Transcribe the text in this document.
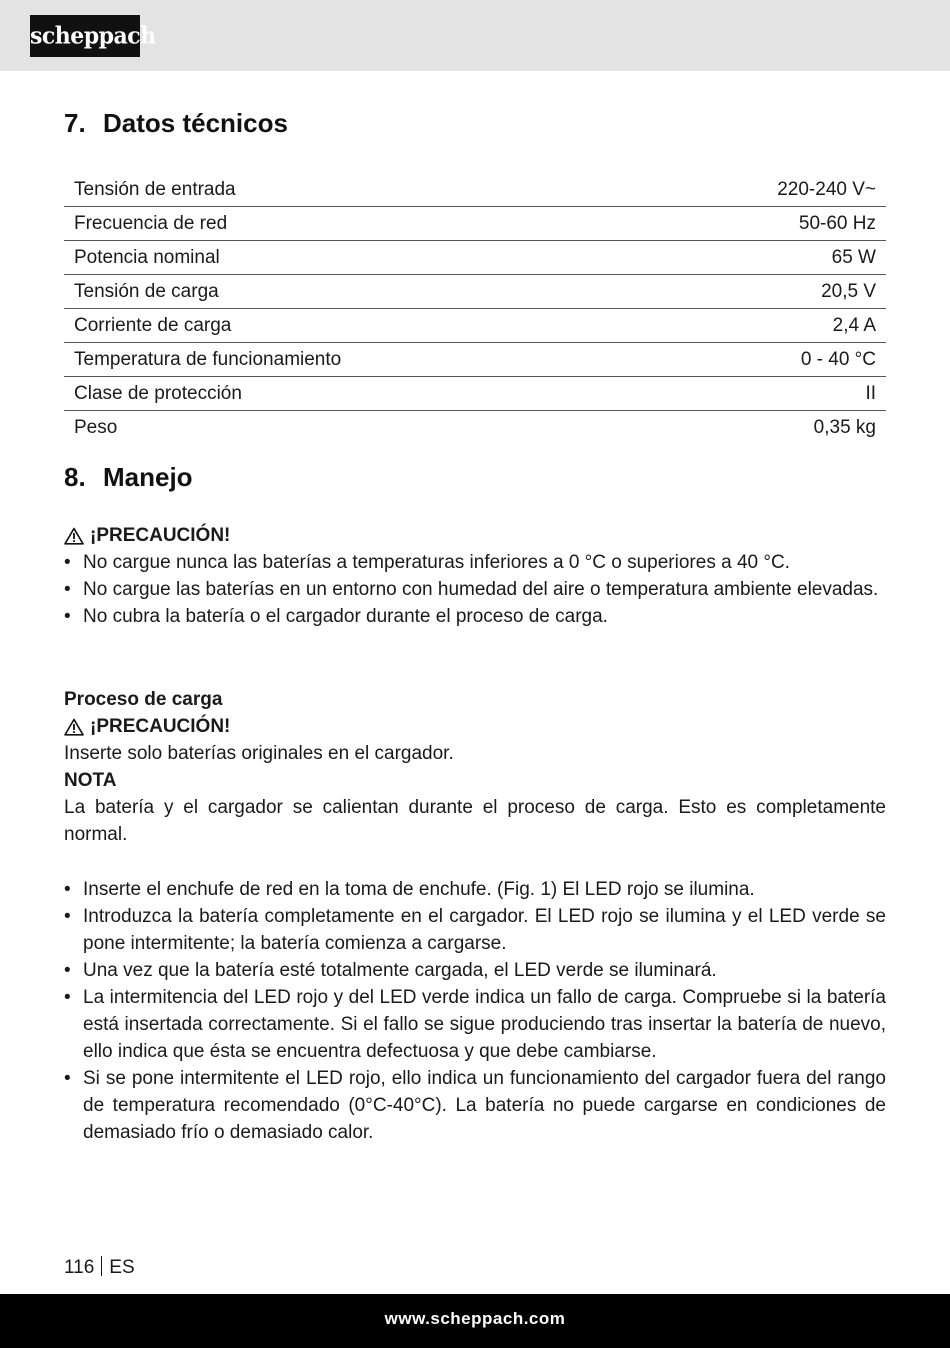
scheppach
7. Datos técnicos
Tensión de entrada	220-240 V~
Frecuencia de red	50-60 Hz
Potencia nominal	65 W
Tensión de carga	20,5 V
Corriente de carga	2,4 A
Temperatura de funcionamiento	0 - 40 °C
Clase de protección	II
Peso	0,35 kg
8. Manejo
¡PRECAUCIÓN!
• No cargue nunca las baterías a temperaturas inferiores a 0 °C o superiores a 40 °C.
• No cargue las baterías en un entorno con humedad del aire o temperatura ambiente elevadas.
• No cubra la batería o el cargador durante el proceso de carga.
Proceso de carga
¡PRECAUCIÓN!
Inserte solo baterías originales en el cargador.
NOTA
La batería y el cargador se calientan durante el proceso de carga. Esto es completamente normal.
• Inserte el enchufe de red en la toma de enchufe. (Fig. 1) El LED rojo se ilumina.
• Introduzca la batería completamente en el cargador. El LED rojo se ilumina y el LED verde se pone intermitente; la batería comienza a cargarse.
• Una vez que la batería esté totalmente cargada, el LED verde se iluminará.
• La intermitencia del LED rojo y del LED verde indica un fallo de carga. Compruebe si la batería está insertada correctamente. Si el fallo se sigue produciendo tras insertar la batería de nuevo, ello indica que ésta se encuentra defectuosa y que debe cambiarse.
• Si se pone intermitente el LED rojo, ello indica un funcionamiento del cargador fuera del rango de temperatura recomendado (0°C-40°C). La batería no puede cargarse en condiciones de demasiado frío o demasiado calor.
116 ES
www.scheppach.com
